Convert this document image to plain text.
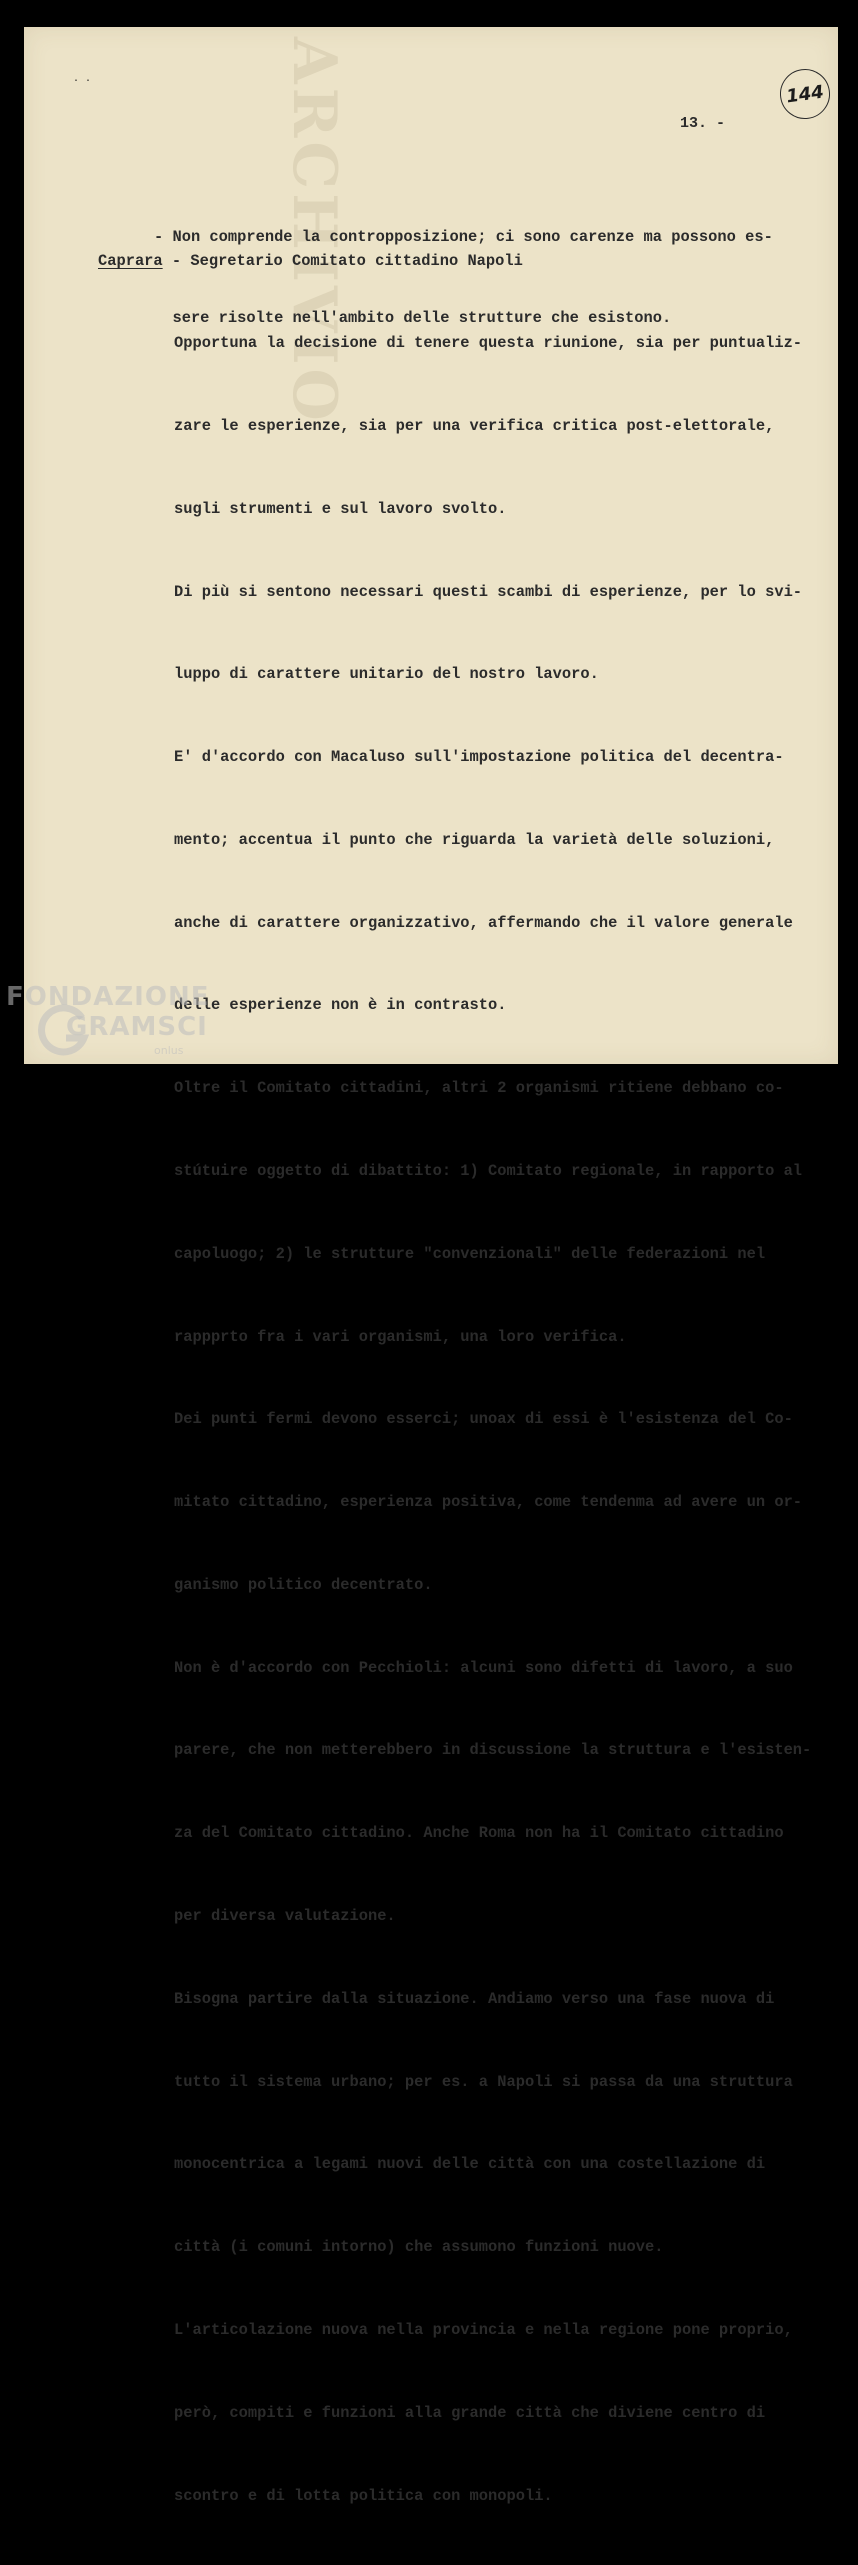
ARCHIVIO
· ·	144
13. -

- Non comprende la contropposizione; ci sono carenze ma possono es-

sere risolte nell'ambito delle strutture che esistono.

Caprara - Segretario Comitato cittadino Napoli

Opportuna la decisione di tenere questa riunione, sia per puntualiz-

zare le esperienze, sia per una verifica critica post-elettorale,

sugli strumenti e sul lavoro svolto.

Di più si sentono necessari questi scambi di esperienze, per lo svi-

luppo di carattere unitario del nostro lavoro.

E' d'accordo con Macaluso sull'impostazione politica del decentra-

mento; accentua il punto che riguarda la varietà delle soluzioni,

anche di carattere organizzativo, affermando che il valore generale

delle esperienze non è in contrasto.

Oltre il Comitato cittadini, altri 2 organismi ritiene debbano co-

stútuire oggetto di dibattito: 1) Comitato regionale, in rapporto al

capoluogo; 2) le strutture "convenzionali" delle federazioni nel

rappprto fra i vari organismi, una loro verifica.

Dei punti fermi devono esserci; unoax di essi è l'esistenza del Co-

mitato cittadino, esperienza positiva, come tendenma ad avere un or-

ganismo politico decentrato.

Non è d'accordo con Pecchioli: alcuni sono difetti di lavoro, a suo

parere, che non metterebbero in discussione la struttura e l'esisten-

za del Comitato cittadino. Anche Roma non ha il Comitato cittadino

per diversa valutazione.

Bisogna partire dalla situazione. Andiamo verso una fase nuova di

tutto il sistema urbano; per es. a Napoli si passa da una struttura

monocentrica a legami nuovi delle città con una costellazione di

città (i comuni intorno) che assumono funzioni nuove.

L'articolazione nuova nella provincia e nella regione pone proprio,

però, compiti e funzioni alla grande città che diviene centro di

scontro e di lotta politica con monopoli.

FONDAZIONE
GRAMSCI
onlus
